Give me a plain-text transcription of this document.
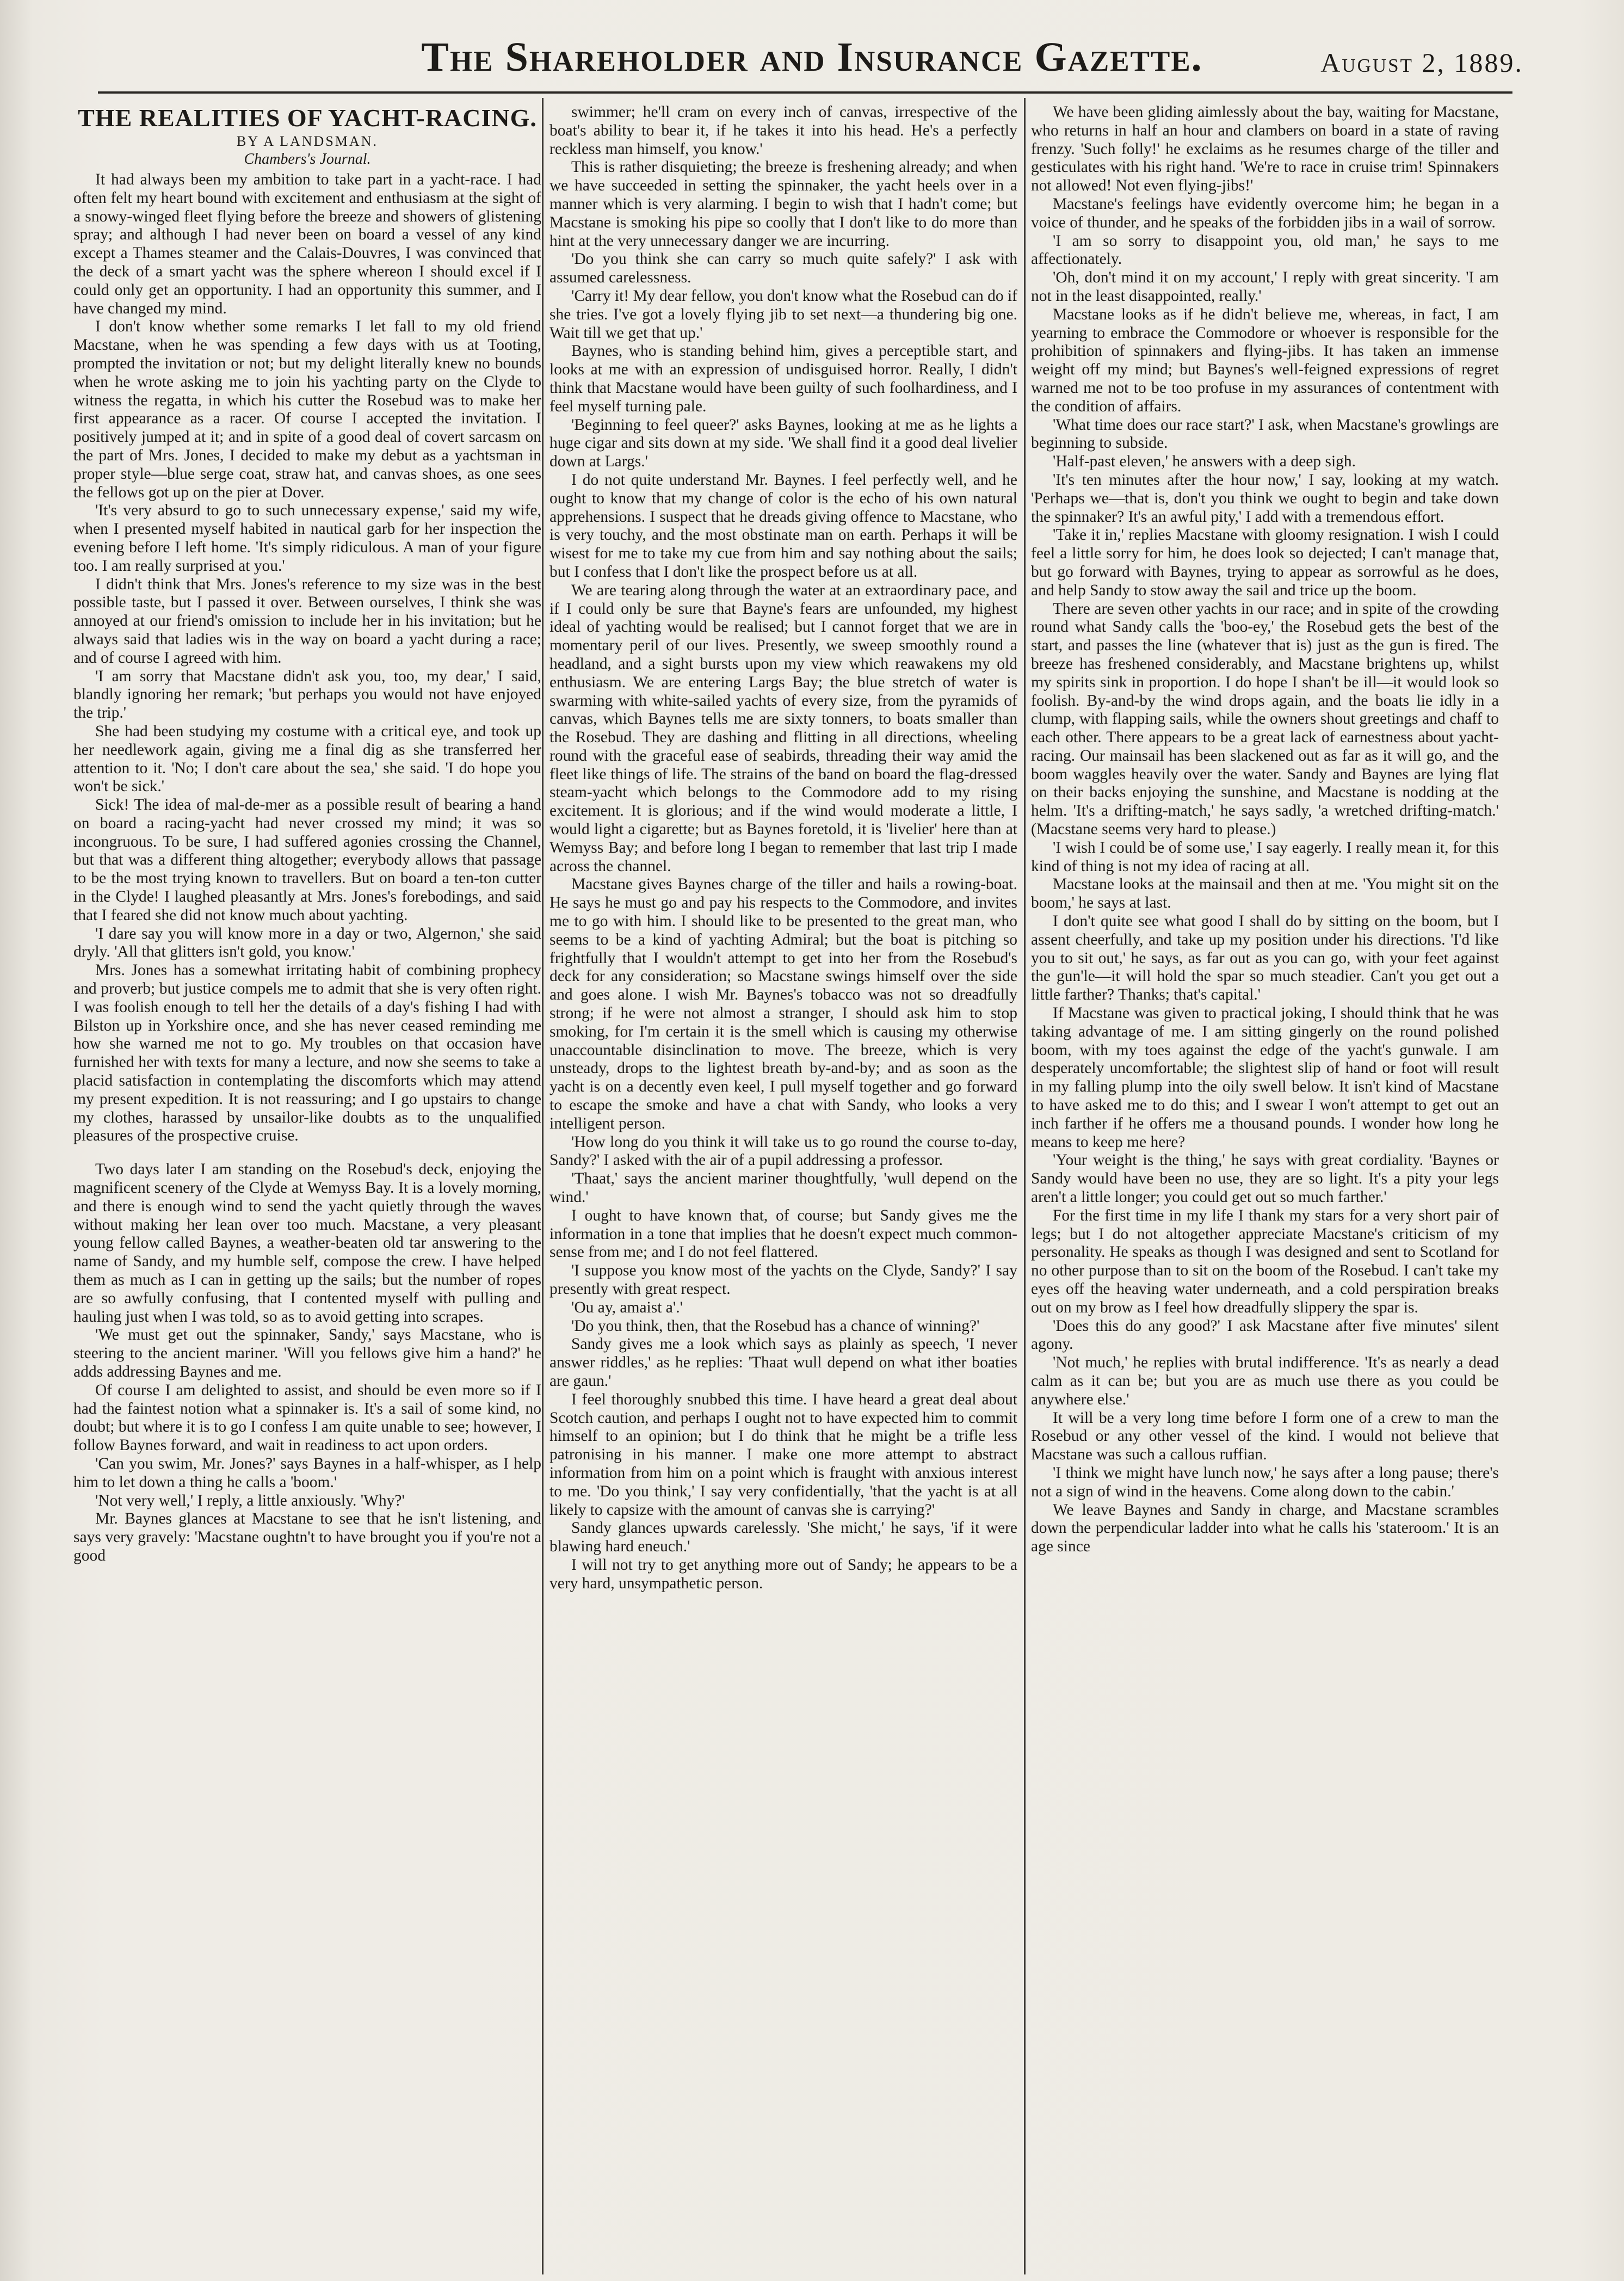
The Shareholder and Insurance Gazette.	August 2, 1889.
THE REALITIES OF YACHT-RACING.
BY A LANDSMAN.
Chambers's Journal.

It had always been my ambition to take part in a yacht-race. I had often felt my heart bound with excitement and enthusiasm at the sight of a snowy-winged fleet flying before the breeze and showers of glistening spray; and although I had never been on board a vessel of any kind except a Thames steamer and the Calais-Douvres, I was convinced that the deck of a smart yacht was the sphere whereon I should excel if I could only get an opportunity. I had an opportunity this summer, and I have changed my mind.

I don't know whether some remarks I let fall to my old friend Macstane, when he was spending a few days with us at Tooting, prompted the invitation or not; but my delight literally knew no bounds when he wrote asking me to join his yachting party on the Clyde to witness the regatta, in which his cutter the Rosebud was to make her first appearance as a racer. Of course I accepted the invitation. I positively jumped at it; and in spite of a good deal of covert sarcasm on the part of Mrs. Jones, I decided to make my debut as a yachtsman in proper style—blue serge coat, straw hat, and canvas shoes, as one sees the fellows got up on the pier at Dover.

'It's very absurd to go to such unnecessary expense,' said my wife, when I presented myself habited in nautical garb for her inspection the evening before I left home. 'It's simply ridiculous. A man of your figure too. I am really surprised at you.'

I didn't think that Mrs. Jones's reference to my size was in the best possible taste, but I passed it over. Between ourselves, I think she was annoyed at our friend's omission to include her in his invitation; but he always said that ladies wis in the way on board a yacht during a race; and of course I agreed with him.

'I am sorry that Macstane didn't ask you, too, my dear,' I said, blandly ignoring her remark; 'but perhaps you would not have enjoyed the trip.'

She had been studying my costume with a critical eye, and took up her needlework again, giving me a final dig as she transferred her attention to it. 'No; I don't care about the sea,' she said. 'I do hope you won't be sick.'

Sick! The idea of mal-de-mer as a possible result of bearing a hand on board a racing-yacht had never crossed my mind; it was so incongruous. To be sure, I had suffered agonies crossing the Channel, but that was a different thing altogether; everybody allows that passage to be the most trying known to travellers. But on board a ten-ton cutter in the Clyde! I laughed pleasantly at Mrs. Jones's forebodings, and said that I feared she did not know much about yachting.

'I dare say you will know more in a day or two, Algernon,' she said dryly. 'All that glitters isn't gold, you know.'

Mrs. Jones has a somewhat irritating habit of combining prophecy and proverb; but justice compels me to admit that she is very often right. I was foolish enough to tell her the details of a day's fishing I had with Bilston up in Yorkshire once, and she has never ceased reminding me how she warned me not to go. My troubles on that occasion have furnished her with texts for many a lecture, and now she seems to take a placid satisfaction in contemplating the discomforts which may attend my present expedition. It is not reassuring; and I go upstairs to change my clothes, harassed by unsailor-like doubts as to the unqualified pleasures of the prospective cruise.

Two days later I am standing on the Rosebud's deck, enjoying the magnificent scenery of the Clyde at Wemyss Bay. It is a lovely morning, and there is enough wind to send the yacht quietly through the waves without making her lean over too much. Macstane, a very pleasant young fellow called Baynes, a weather-beaten old tar answering to the name of Sandy, and my humble self, compose the crew. I have helped them as much as I can in getting up the sails; but the number of ropes are so awfully confusing, that I contented myself with pulling and hauling just when I was told, so as to avoid getting into scrapes.

'We must get out the spinnaker, Sandy,' says Macstane, who is steering to the ancient mariner. 'Will you fellows give him a hand?' he adds addressing Baynes and me.

Of course I am delighted to assist, and should be even more so if I had the faintest notion what a spinnaker is. It's a sail of some kind, no doubt; but where it is to go I confess I am quite unable to see; however, I follow Baynes forward, and wait in readiness to act upon orders.

'Can you swim, Mr. Jones?' says Baynes in a half-whisper, as I help him to let down a thing he calls a 'boom.'

'Not very well,' I reply, a little anxiously. 'Why?'

Mr. Baynes glances at Macstane to see that he isn't listening, and says very gravely: 'Macstane oughtn't to have brought you if you're not a good

swimmer; he'll cram on every inch of canvas, irrespective of the boat's ability to bear it, if he takes it into his head. He's a perfectly reckless man himself, you know.'

This is rather disquieting; the breeze is freshening already; and when we have succeeded in setting the spinnaker, the yacht heels over in a manner which is very alarming. I begin to wish that I hadn't come; but Macstane is smoking his pipe so coolly that I don't like to do more than hint at the very unnecessary danger we are incurring.

'Do you think she can carry so much quite safely?' I ask with assumed carelessness.

'Carry it! My dear fellow, you don't know what the Rosebud can do if she tries. I've got a lovely flying jib to set next—a thundering big one. Wait till we get that up.'

Baynes, who is standing behind him, gives a perceptible start, and looks at me with an expression of undisguised horror. Really, I didn't think that Macstane would have been guilty of such foolhardiness, and I feel myself turning pale.

'Beginning to feel queer?' asks Baynes, looking at me as he lights a huge cigar and sits down at my side. 'We shall find it a good deal livelier down at Largs.'

I do not quite understand Mr. Baynes. I feel perfectly well, and he ought to know that my change of color is the echo of his own natural apprehensions. I suspect that he dreads giving offence to Macstane, who is very touchy, and the most obstinate man on earth. Perhaps it will be wisest for me to take my cue from him and say nothing about the sails; but I confess that I don't like the prospect before us at all.

We are tearing along through the water at an extraordinary pace, and if I could only be sure that Bayne's fears are unfounded, my highest ideal of yachting would be realised; but I cannot forget that we are in momentary peril of our lives. Presently, we sweep smoothly round a headland, and a sight bursts upon my view which reawakens my old enthusiasm. We are entering Largs Bay; the blue stretch of water is swarming with white-sailed yachts of every size, from the pyramids of canvas, which Baynes tells me are sixty tonners, to boats smaller than the Rosebud. They are dashing and flitting in all directions, wheeling round with the graceful ease of seabirds, threading their way amid the fleet like things of life. The strains of the band on board the flag-dressed steam-yacht which belongs to the Commodore add to my rising excitement. It is glorious; and if the wind would moderate a little, I would light a cigarette; but as Baynes foretold, it is 'livelier' here than at Wemyss Bay; and before long I began to remember that last trip I made across the channel.

Macstane gives Baynes charge of the tiller and hails a rowing-boat. He says he must go and pay his respects to the Commodore, and invites me to go with him. I should like to be presented to the great man, who seems to be a kind of yachting Admiral; but the boat is pitching so frightfully that I wouldn't attempt to get into her from the Rosebud's deck for any consideration; so Macstane swings himself over the side and goes alone. I wish Mr. Baynes's tobacco was not so dreadfully strong; if he were not almost a stranger, I should ask him to stop smoking, for I'm certain it is the smell which is causing my otherwise unaccountable disinclination to move. The breeze, which is very unsteady, drops to the lightest breath by-and-by; and as soon as the yacht is on a decently even keel, I pull myself together and go forward to escape the smoke and have a chat with Sandy, who looks a very intelligent person.

'How long do you think it will take us to go round the course to-day, Sandy?' I asked with the air of a pupil addressing a professor.

'Thaat,' says the ancient mariner thoughtfully, 'wull depend on the wind.'

I ought to have known that, of course; but Sandy gives me the information in a tone that implies that he doesn't expect much common-sense from me; and I do not feel flattered.

'I suppose you know most of the yachts on the Clyde, Sandy?' I say presently with great respect.

'Ou ay, amaist a'.'

'Do you think, then, that the Rosebud has a chance of winning?'

Sandy gives me a look which says as plainly as speech, 'I never answer riddles,' as he replies: 'Thaat wull depend on what ither boaties are gaun.'

I feel thoroughly snubbed this time. I have heard a great deal about Scotch caution, and perhaps I ought not to have expected him to commit himself to an opinion; but I do think that he might be a trifle less patronising in his manner. I make one more attempt to abstract information from him on a point which is fraught with anxious interest to me. 'Do you think,' I say very confidentially, 'that the yacht is at all likely to capsize with the amount of canvas she is carrying?'

Sandy glances upwards carelessly. 'She micht,' he says, 'if it were blawing hard eneuch.'

I will not try to get anything more out of Sandy; he appears to be a very hard, unsympathetic person.

We have been gliding aimlessly about the bay, waiting for Macstane, who returns in half an hour and clambers on board in a state of raving frenzy. 'Such folly!' he exclaims as he resumes charge of the tiller and gesticulates with his right hand. 'We're to race in cruise trim! Spinnakers not allowed! Not even flying-jibs!'

Macstane's feelings have evidently overcome him; he began in a voice of thunder, and he speaks of the forbidden jibs in a wail of sorrow.

'I am so sorry to disappoint you, old man,' he says to me affectionately.

'Oh, don't mind it on my account,' I reply with great sincerity. 'I am not in the least disappointed, really.'

Macstane looks as if he didn't believe me, whereas, in fact, I am yearning to embrace the Commodore or whoever is responsible for the prohibition of spinnakers and flying-jibs. It has taken an immense weight off my mind; but Baynes's well-feigned expressions of regret warned me not to be too profuse in my assurances of contentment with the condition of affairs.

'What time does our race start?' I ask, when Macstane's growlings are beginning to subside.

'Half-past eleven,' he answers with a deep sigh.

'It's ten minutes after the hour now,' I say, looking at my watch. 'Perhaps we—that is, don't you think we ought to begin and take down the spinnaker? It's an awful pity,' I add with a tremendous effort.

'Take it in,' replies Macstane with gloomy resignation. I wish I could feel a little sorry for him, he does look so dejected; I can't manage that, but go forward with Baynes, trying to appear as sorrowful as he does, and help Sandy to stow away the sail and trice up the boom.

There are seven other yachts in our race; and in spite of the crowding round what Sandy calls the 'boo-ey,' the Rosebud gets the best of the start, and passes the line (whatever that is) just as the gun is fired. The breeze has freshened considerably, and Macstane brightens up, whilst my spirits sink in proportion. I do hope I shan't be ill—it would look so foolish. By-and-by the wind drops again, and the boats lie idly in a clump, with flapping sails, while the owners shout greetings and chaff to each other. There appears to be a great lack of earnestness about yacht-racing. Our mainsail has been slackened out as far as it will go, and the boom waggles heavily over the water. Sandy and Baynes are lying flat on their backs enjoying the sunshine, and Macstane is nodding at the helm. 'It's a drifting-match,' he says sadly, 'a wretched drifting-match.' (Macstane seems very hard to please.)

'I wish I could be of some use,' I say eagerly. I really mean it, for this kind of thing is not my idea of racing at all.

Macstane looks at the mainsail and then at me. 'You might sit on the boom,' he says at last.

I don't quite see what good I shall do by sitting on the boom, but I assent cheerfully, and take up my position under his directions. 'I'd like you to sit out,' he says, as far out as you can go, with your feet against the gun'le—it will hold the spar so much steadier. Can't you get out a little farther? Thanks; that's capital.'

If Macstane was given to practical joking, I should think that he was taking advantage of me. I am sitting gingerly on the round polished boom, with my toes against the edge of the yacht's gunwale. I am desperately uncomfortable; the slightest slip of hand or foot will result in my falling plump into the oily swell below. It isn't kind of Macstane to have asked me to do this; and I swear I won't attempt to get out an inch farther if he offers me a thousand pounds. I wonder how long he means to keep me here?

'Your weight is the thing,' he says with great cordiality. 'Baynes or Sandy would have been no use, they are so light. It's a pity your legs aren't a little longer; you could get out so much farther.'

For the first time in my life I thank my stars for a very short pair of legs; but I do not altogether appreciate Macstane's criticism of my personality. He speaks as though I was designed and sent to Scotland for no other purpose than to sit on the boom of the Rosebud. I can't take my eyes off the heaving water underneath, and a cold perspiration breaks out on my brow as I feel how dreadfully slippery the spar is.

'Does this do any good?' I ask Macstane after five minutes' silent agony.

'Not much,' he replies with brutal indifference. 'It's as nearly a dead calm as it can be; but you are as much use there as you could be anywhere else.'

It will be a very long time before I form one of a crew to man the Rosebud or any other vessel of the kind. I would not believe that Macstane was such a callous ruffian.

'I think we might have lunch now,' he says after a long pause; there's not a sign of wind in the heavens. Come along down to the cabin.'

We leave Baynes and Sandy in charge, and Macstane scrambles down the perpendicular ladder into what he calls his 'stateroom.' It is an age since
